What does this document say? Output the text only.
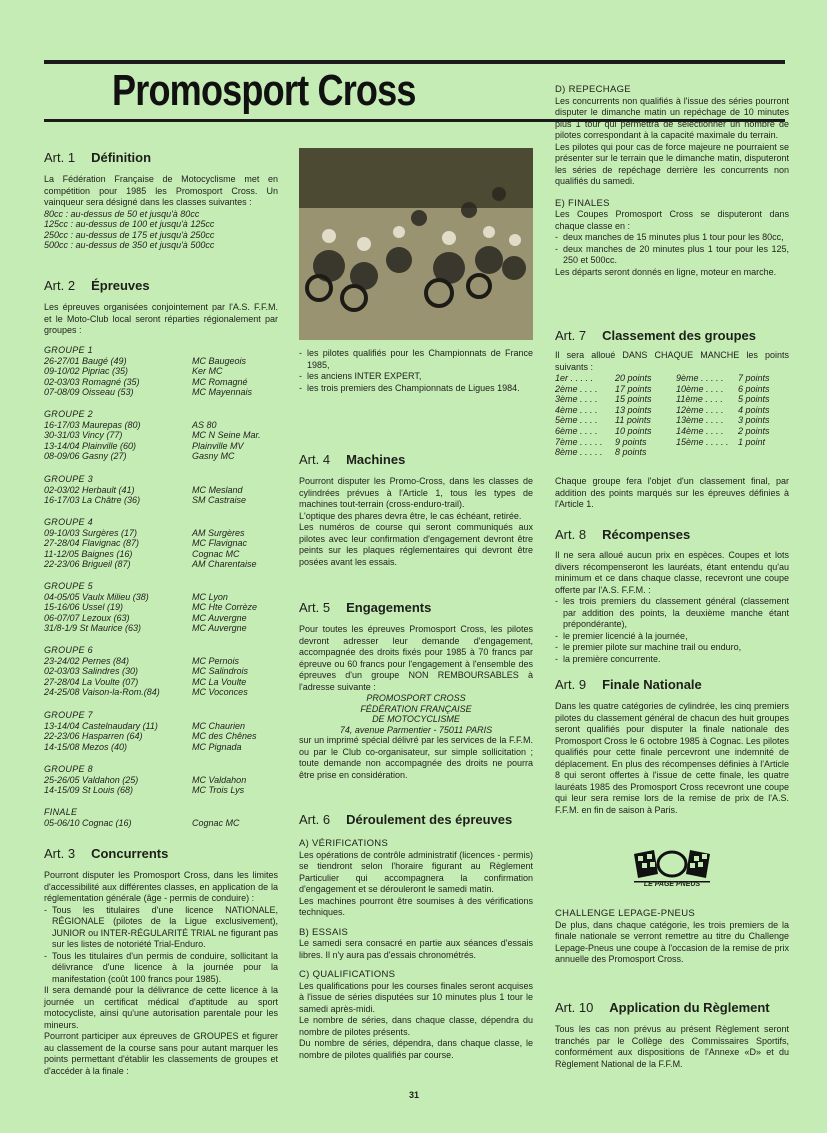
Promosport Cross
Art. 1 Définition

La Fédération Française de Motocyclisme met en compétition pour 1985 les Promosport Cross. Un vainqueur sera désigné dans les classes suivantes :

80cc : au-dessus de 50 et jusqu'à 80cc
125cc : au-dessus de 100 et jusqu'à 125cc
250cc : au-dessus de 175 et jusqu'à 250cc
500cc : au-dessus de 350 et jusqu'à 500cc
Art. 2 Épreuves

Les épreuves organisées conjointement par l'A.S. F.F.M. et le Moto-Club local seront réparties régionalement par groupes :

GROUPE 1
26-27/01 Baugé (49)	MC Baugeois
09-10/02 Pipriac (35)	Ker MC
02-03/03 Romagné (35)	MC Romagné
07-08/09 Oisseau (53)	MC Mayennais
GROUPE 2
16-17/03 Maurepas (80)	AS 80
30-31/03 Vincy (77)	MC N Seine Mar.
13-14/04 Plainville (60)	Plainville MV
08-09/06 Gasny (27)	Gasny MC
GROUPE 3
02-03/02 Herbault (41)	MC Mesland
16-17/03 La Châtre (36)	SM Castraise
GROUPE 4
09-10/03 Surgères (17)	AM Surgères
27-28/04 Flavignac (87)	MC Flavignac
11-12/05 Baignes (16)	Cognac MC
22-23/06 Brigueil (87)	AM Charentaise
GROUPE 5
04-05/05 Vaulx Milieu (38)	MC Lyon
15-16/06 Ussel (19)	MC Hte Corrèze
06-07/07 Lezoux (63)	MC Auvergne
31/8-1/9 St Maurice (63)	MC Auvergne
GROUPE 6
23-24/02 Pernes (84)	MC Pernois
02-03/03 Salindres (30)	MC Salindrois
27-28/04 La Voulte (07)	MC La Voulte
24-25/08 Vaison-la-Rom.(84)	MC Voconces
GROUPE 7
13-14/04 Castelnaudary (11)	MC Chaurien
22-23/06 Hasparren (64)	MC des Chênes
14-15/08 Mezos (40)	MC Pignada
GROUPE 8
25-26/05 Valdahon (25)	MC Valdahon
14-15/09 St Louis (68)	MC Trois Lys
FINALE
05-06/10 Cognac (16)	Cognac MC
Art. 3 Concurrents

Pourront disputer les Promosport Cross, dans les limites d'accessibilité aux différentes classes, en application de la réglementation générale (âge - permis de conduire) :

- Tous les titulaires d'une licence NATIONALE, RÉGIONALE (pilotes de la Ligue exclusivement), JUNIOR ou INTER-RÉGULARITÉ TRIAL ne figurant pas sur les listes de notoriété Trial-Enduro.
- Tous les titulaires d'un permis de conduire, sollicitant la délivrance d'une licence à la journée pour la manifestation (coût 100 francs pour 1985).

Il sera demandé pour la délivrance de cette licence à la journée un certificat médical d'aptitude au sport motocycliste, ainsi qu'une autorisation parentale pour les mineurs.

Pourront participer aux épreuves de GROUPES et figurer au classement de la course sans pour autant marquer les points permettant d'établir les classements de groupes et d'accéder à la finale :

- les pilotes qualifiés pour les Championnats de France 1985,
- les anciens INTER EXPERT,
- les trois premiers des Championnats de Ligues 1984.
Art. 4 Machines

Pourront disputer les Promo-Cross, dans les classes de cylindrées prévues à l'Article 1, tous les types de machines tout-terrain (cross-enduro-trail).

L'optique des phares devra être, le cas échéant, retirée.

Les numéros de course qui seront communiqués aux pilotes avec leur confirmation d'engagement devront être peints sur les plaques réglementaires qui devront être posées avant les essais.

Art. 5 Engagements

Pour toutes les épreuves Promosport Cross, les pilotes devront adresser leur demande d'engagement, accompagnée des droits fixés pour 1985 à 70 francs par épreuve ou 60 francs pour l'engagement à l'ensemble des épreuves d'un groupe NON REMBOURSABLES à l'adresse suivante :

PROMOSPORT CROSS
FÉDÉRATION FRANÇAISE
DE MOTOCYCLISME
74, avenue Parmentier - 75011 PARIS

sur un imprimé spécial délivré par les services de la F.F.M. ou par le Club co-organisateur, sur simple sollicitation ; toute demande non accompagnée des droits ne pourra être prise en considération.

Art. 6 Déroulement des épreuves

A) VÉRIFICATIONS

Les opérations de contrôle administratif (licences - permis) se tiendront selon l'horaire figurant au Règlement Particulier qui accompagnera la confirmation d'engagement et se dérouleront le samedi matin.

Les machines pourront être soumises à des vérifications techniques.

B) ESSAIS

Le samedi sera consacré en partie aux séances d'essais libres. Il n'y aura pas d'essais chronométrés.

C) QUALIFICATIONS

Les qualifications pour les courses finales seront acquises à l'issue de séries disputées sur 10 minutes plus 1 tour le samedi après-midi.

Le nombre de séries, dans chaque classe, dépendra du nombre de pilotes présents.

Du nombre de séries, dépendra, dans chaque classe, le nombre de pilotes qualifiés par course.

D) REPECHAGE

Les concurrents non qualifiés à l'issue des séries pourront disputer le dimanche matin un repéchage de 10 minutes plus 1 tour qui permettra de sélectionner un nombre de pilotes correspondant à la capacité maximale du terrain.

Les pilotes qui pour cas de force majeure ne pourraient se présenter sur le terrain que le dimanche matin, disputeront les séries de repéchage derrière les concurrents non qualifiés du samedi.

E) FINALES

Les Coupes Promosport Cross se disputeront dans chaque classe en :

- deux manches de 15 minutes plus 1 tour pour les 80cc,
- deux manches de 20 minutes plus 1 tour pour les 125, 250 et 500cc.

Les départs seront donnés en ligne, moteur en marche.

Art. 7 Classement des groupes

Il sera alloué DANS CHAQUE MANCHE les points suivants :

1er . . . . .	20 points
2ème . . . .	17 points
3ème . . . .	15 points
4ème . . . .	13 points
5ème . . . .	11 points
6ème . . . .	10 points
7ème . . . . .	9 points
8ème . . . . .	8 points
9ème . . . . .	7 points
10ème . . . .	6 points
11ème . . . .	5 points
12ème . . . .	4 points
13ème . . . .	3 points
14ème . . . .	2 points
15ème . . . . .	1 point

Chaque groupe fera l'objet d'un classement final, par addition des points marqués sur les épreuves définies à l'Article 1.

Art. 8 Récompenses

Il ne sera alloué aucun prix en espèces. Coupes et lots divers récompenseront les lauréats, étant entendu qu'au minimum et ce dans chaque classe, recevront une coupe offerte par l'A.S. F.F.M. :

- les trois premiers du classement général (classement par addition des points, la deuxième manche étant prépondérante),
- le premier licencié à la journée,
- le premier pilote sur machine trail ou enduro,
- la première concurrente.
Art. 9 Finale Nationale

Dans les quatre catégories de cylindrée, les cinq premiers pilotes du classement général de chacun des huit groupes seront qualifiés pour disputer la finale nationale des Promosport Cross le 6 octobre 1985 à Cognac. Les pilotes qualifiés pour cette finale percevront une indemnité de déplacement. En plus des récompenses définies à l'Article 8 qui seront offertes à l'issue de cette finale, les quatre lauréats 1985 des Promosport Cross recevront une coupe qui leur sera remise lors de la remise de prix de l'A.S. F.F.M. en fin de saison à Paris.

LE PAGE PNEUS

CHALLENGE LEPAGE-PNEUS

De plus, dans chaque catégorie, les trois premiers de la finale nationale se verront remettre au titre du Challenge Lepage-Pneus une coupe à l'occasion de la remise de prix annuelle des Promosport Cross.

Art. 10 Application du Règlement

Tous les cas non prévus au présent Règlement seront tranchés par le Collège des Commissaires Sportifs, conformément aux dispositions de l'Annexe «D» et du Règlement National de la F.F.M.

31
